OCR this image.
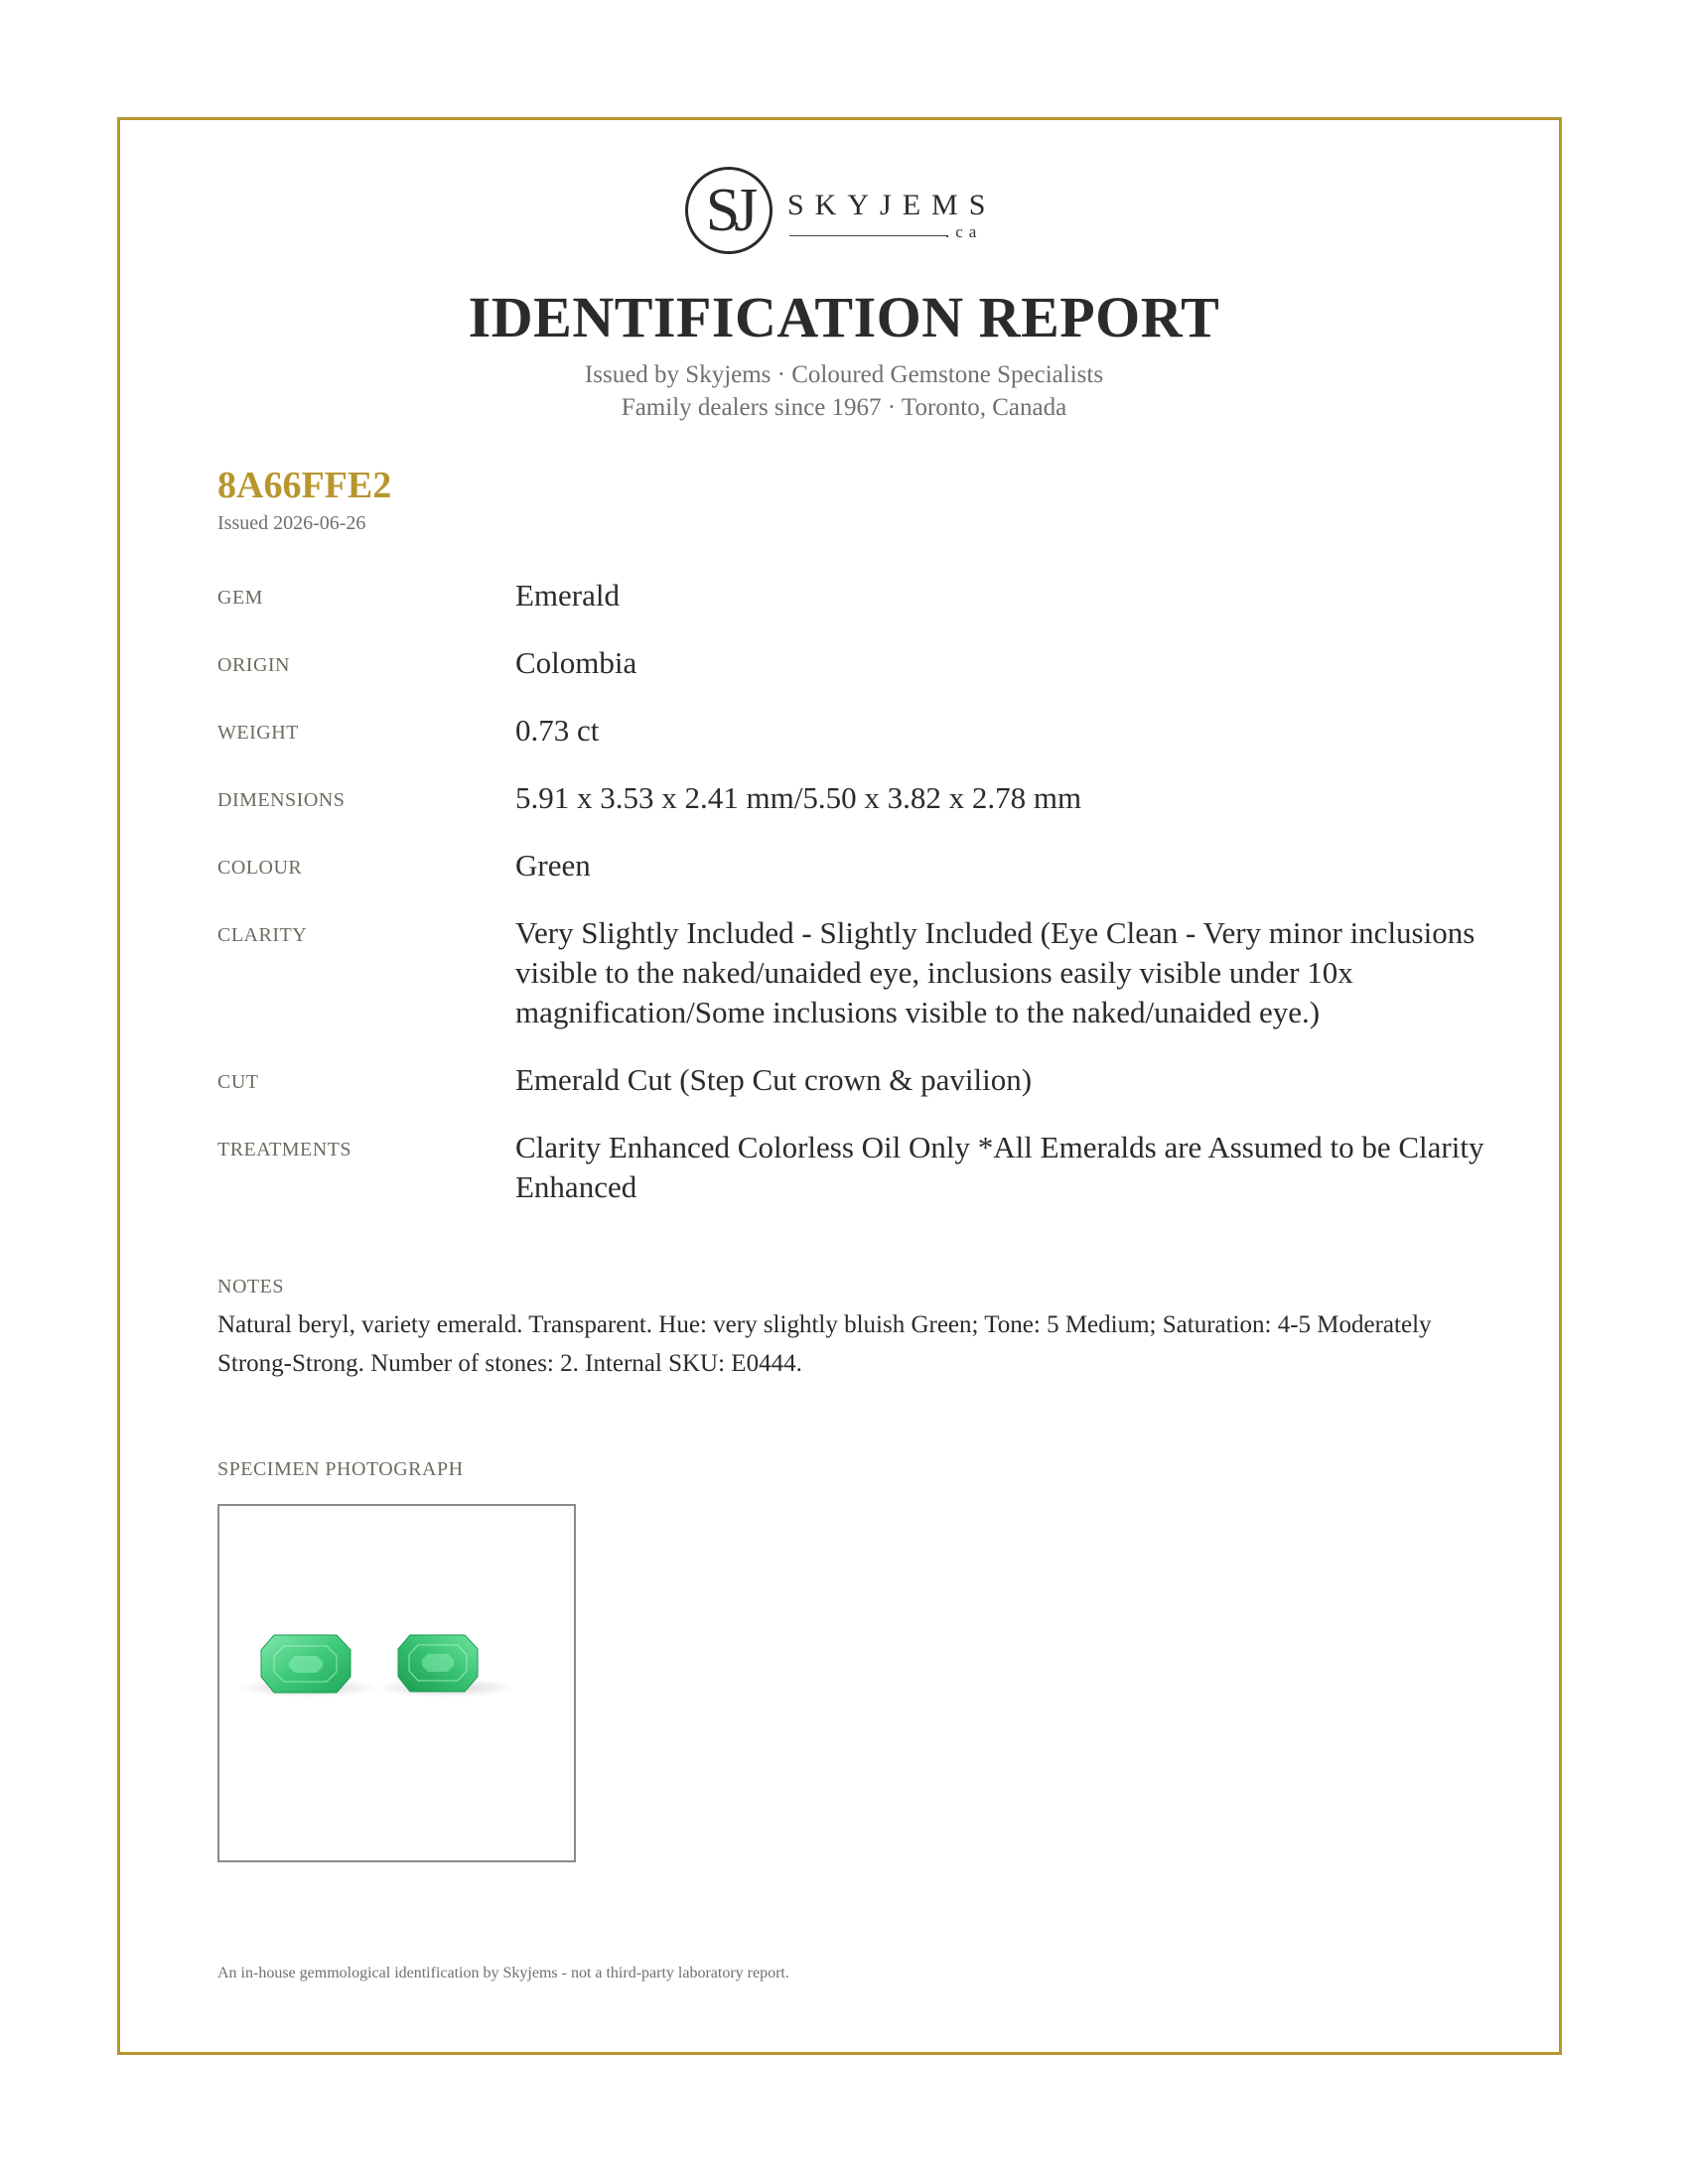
SJ	SKYJEMS
.ca
IDENTIFICATION REPORT
Issued by Skyjems · Coloured Gemstone Specialists
Family dealers since 1967 · Toronto, Canada
8A66FFE2
Issued 2026-06-26
GEM	Emerald
ORIGIN	Colombia
WEIGHT	0.73 ct
DIMENSIONS	5.91 x 3.53 x 2.41 mm/5.50 x 3.82 x 2.78 mm
COLOUR	Green
CLARITY	Very Slightly Included - Slightly Included (Eye Clean - Very minor inclusions visible to the naked/unaided eye, inclusions easily visible under 10x magnification/Some inclusions visible to the naked/unaided eye.)
CUT	Emerald Cut (Step Cut crown & pavilion)
TREATMENTS	Clarity Enhanced Colorless Oil Only *All Emeralds are Assumed to be Clarity Enhanced
NOTES
Natural beryl, variety emerald. Transparent. Hue: very slightly bluish Green; Tone: 5 Medium; Saturation: 4-5 Moderately Strong-Strong. Number of stones: 2. Internal SKU: E0444.
SPECIMEN PHOTOGRAPH
An in-house gemmological identification by Skyjems - not a third-party laboratory report.
